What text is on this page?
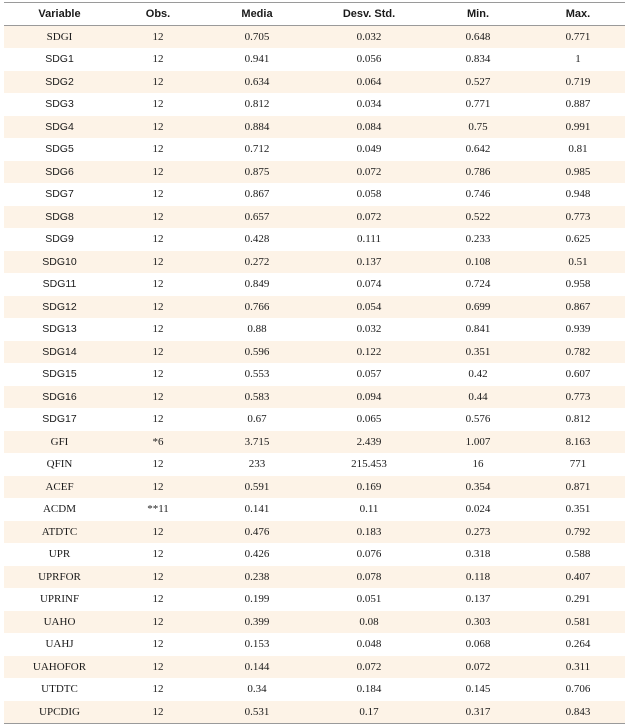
Variable	Obs.	Media	Desv. Std.	Min.	Max.
SDGI	12	0.705	0.032	0.648	0.771
SDG1	12	0.941	0.056	0.834	1
SDG2	12	0.634	0.064	0.527	0.719
SDG3	12	0.812	0.034	0.771	0.887
SDG4	12	0.884	0.084	0.75	0.991
SDG5	12	0.712	0.049	0.642	0.81
SDG6	12	0.875	0.072	0.786	0.985
SDG7	12	0.867	0.058	0.746	0.948
SDG8	12	0.657	0.072	0.522	0.773
SDG9	12	0.428	0.111	0.233	0.625
SDG10	12	0.272	0.137	0.108	0.51
SDG11	12	0.849	0.074	0.724	0.958
SDG12	12	0.766	0.054	0.699	0.867
SDG13	12	0.88	0.032	0.841	0.939
SDG14	12	0.596	0.122	0.351	0.782
SDG15	12	0.553	0.057	0.42	0.607
SDG16	12	0.583	0.094	0.44	0.773
SDG17	12	0.67	0.065	0.576	0.812
GFI	*6	3.715	2.439	1.007	8.163
QFIN	12	233	215.453	16	771
ACEF	12	0.591	0.169	0.354	0.871
ACDM	**11	0.141	0.11	0.024	0.351
ATDTC	12	0.476	0.183	0.273	0.792
UPR	12	0.426	0.076	0.318	0.588
UPRFOR	12	0.238	0.078	0.118	0.407
UPRINF	12	0.199	0.051	0.137	0.291
UAHO	12	0.399	0.08	0.303	0.581
UAHJ	12	0.153	0.048	0.068	0.264
UAHOFOR	12	0.144	0.072	0.072	0.311
UTDTC	12	0.34	0.184	0.145	0.706
UPCDIG	12	0.531	0.17	0.317	0.843
